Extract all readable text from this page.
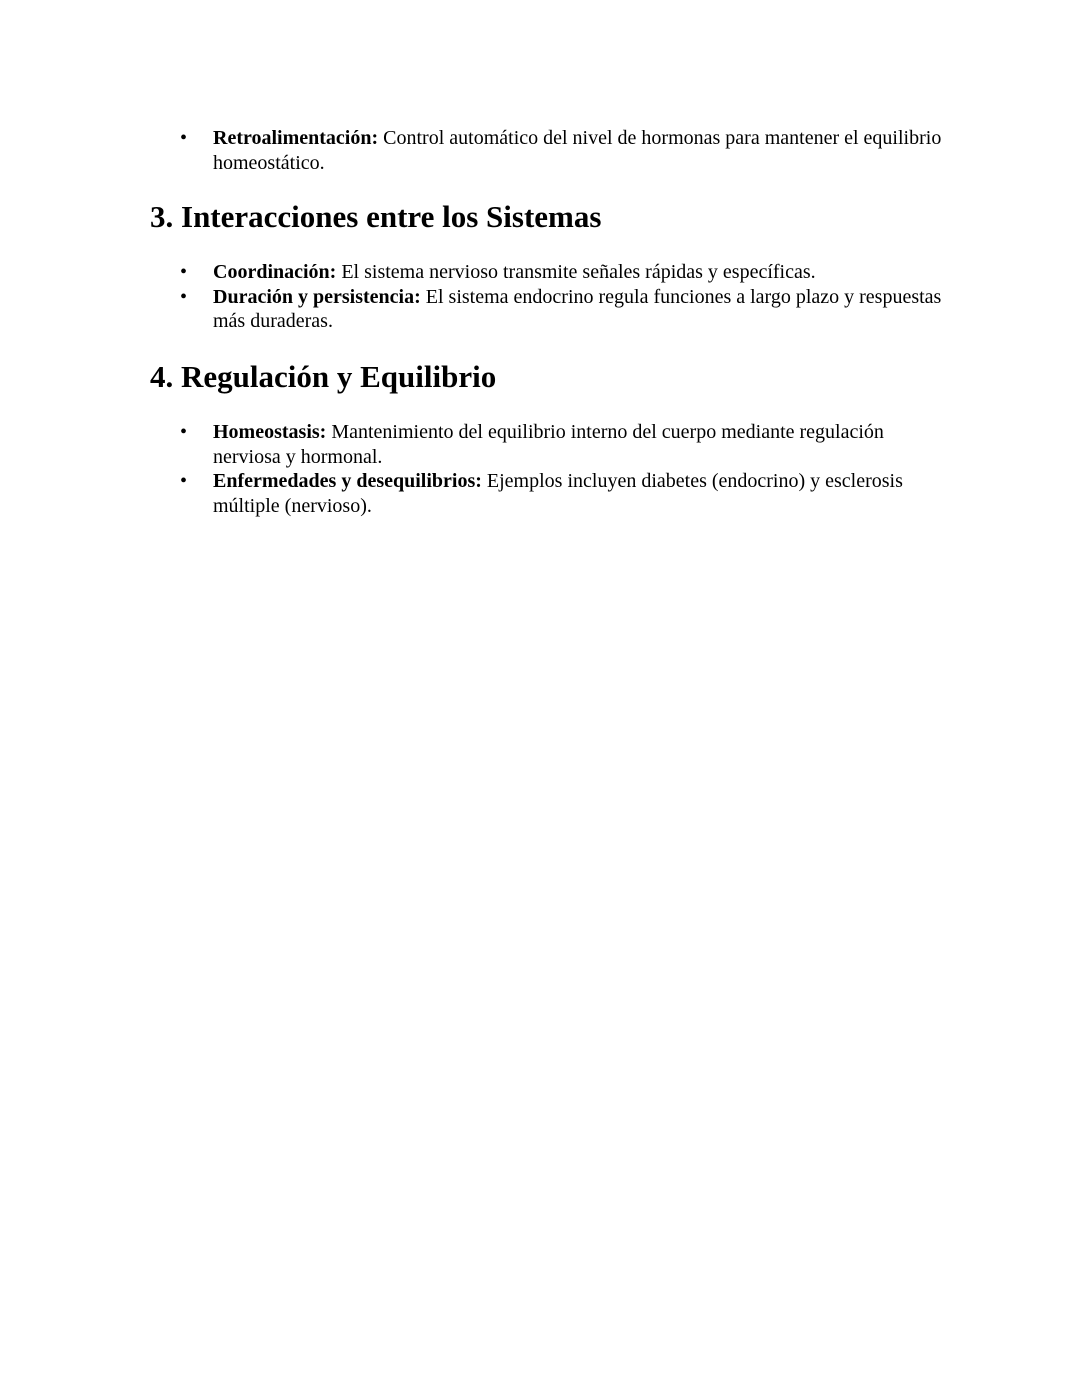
• Retroalimentación: Control automático del nivel de hormonas para mantener el equilibrio homeostático.
3. Interacciones entre los Sistemas
• Coordinación: El sistema nervioso transmite señales rápidas y específicas.
• Duración y persistencia: El sistema endocrino regula funciones a largo plazo y respuestas más duraderas.
4. Regulación y Equilibrio
• Homeostasis: Mantenimiento del equilibrio interno del cuerpo mediante regulación nerviosa y hormonal.
• Enfermedades y desequilibrios: Ejemplos incluyen diabetes (endocrino) y esclerosis múltiple (nervioso).
